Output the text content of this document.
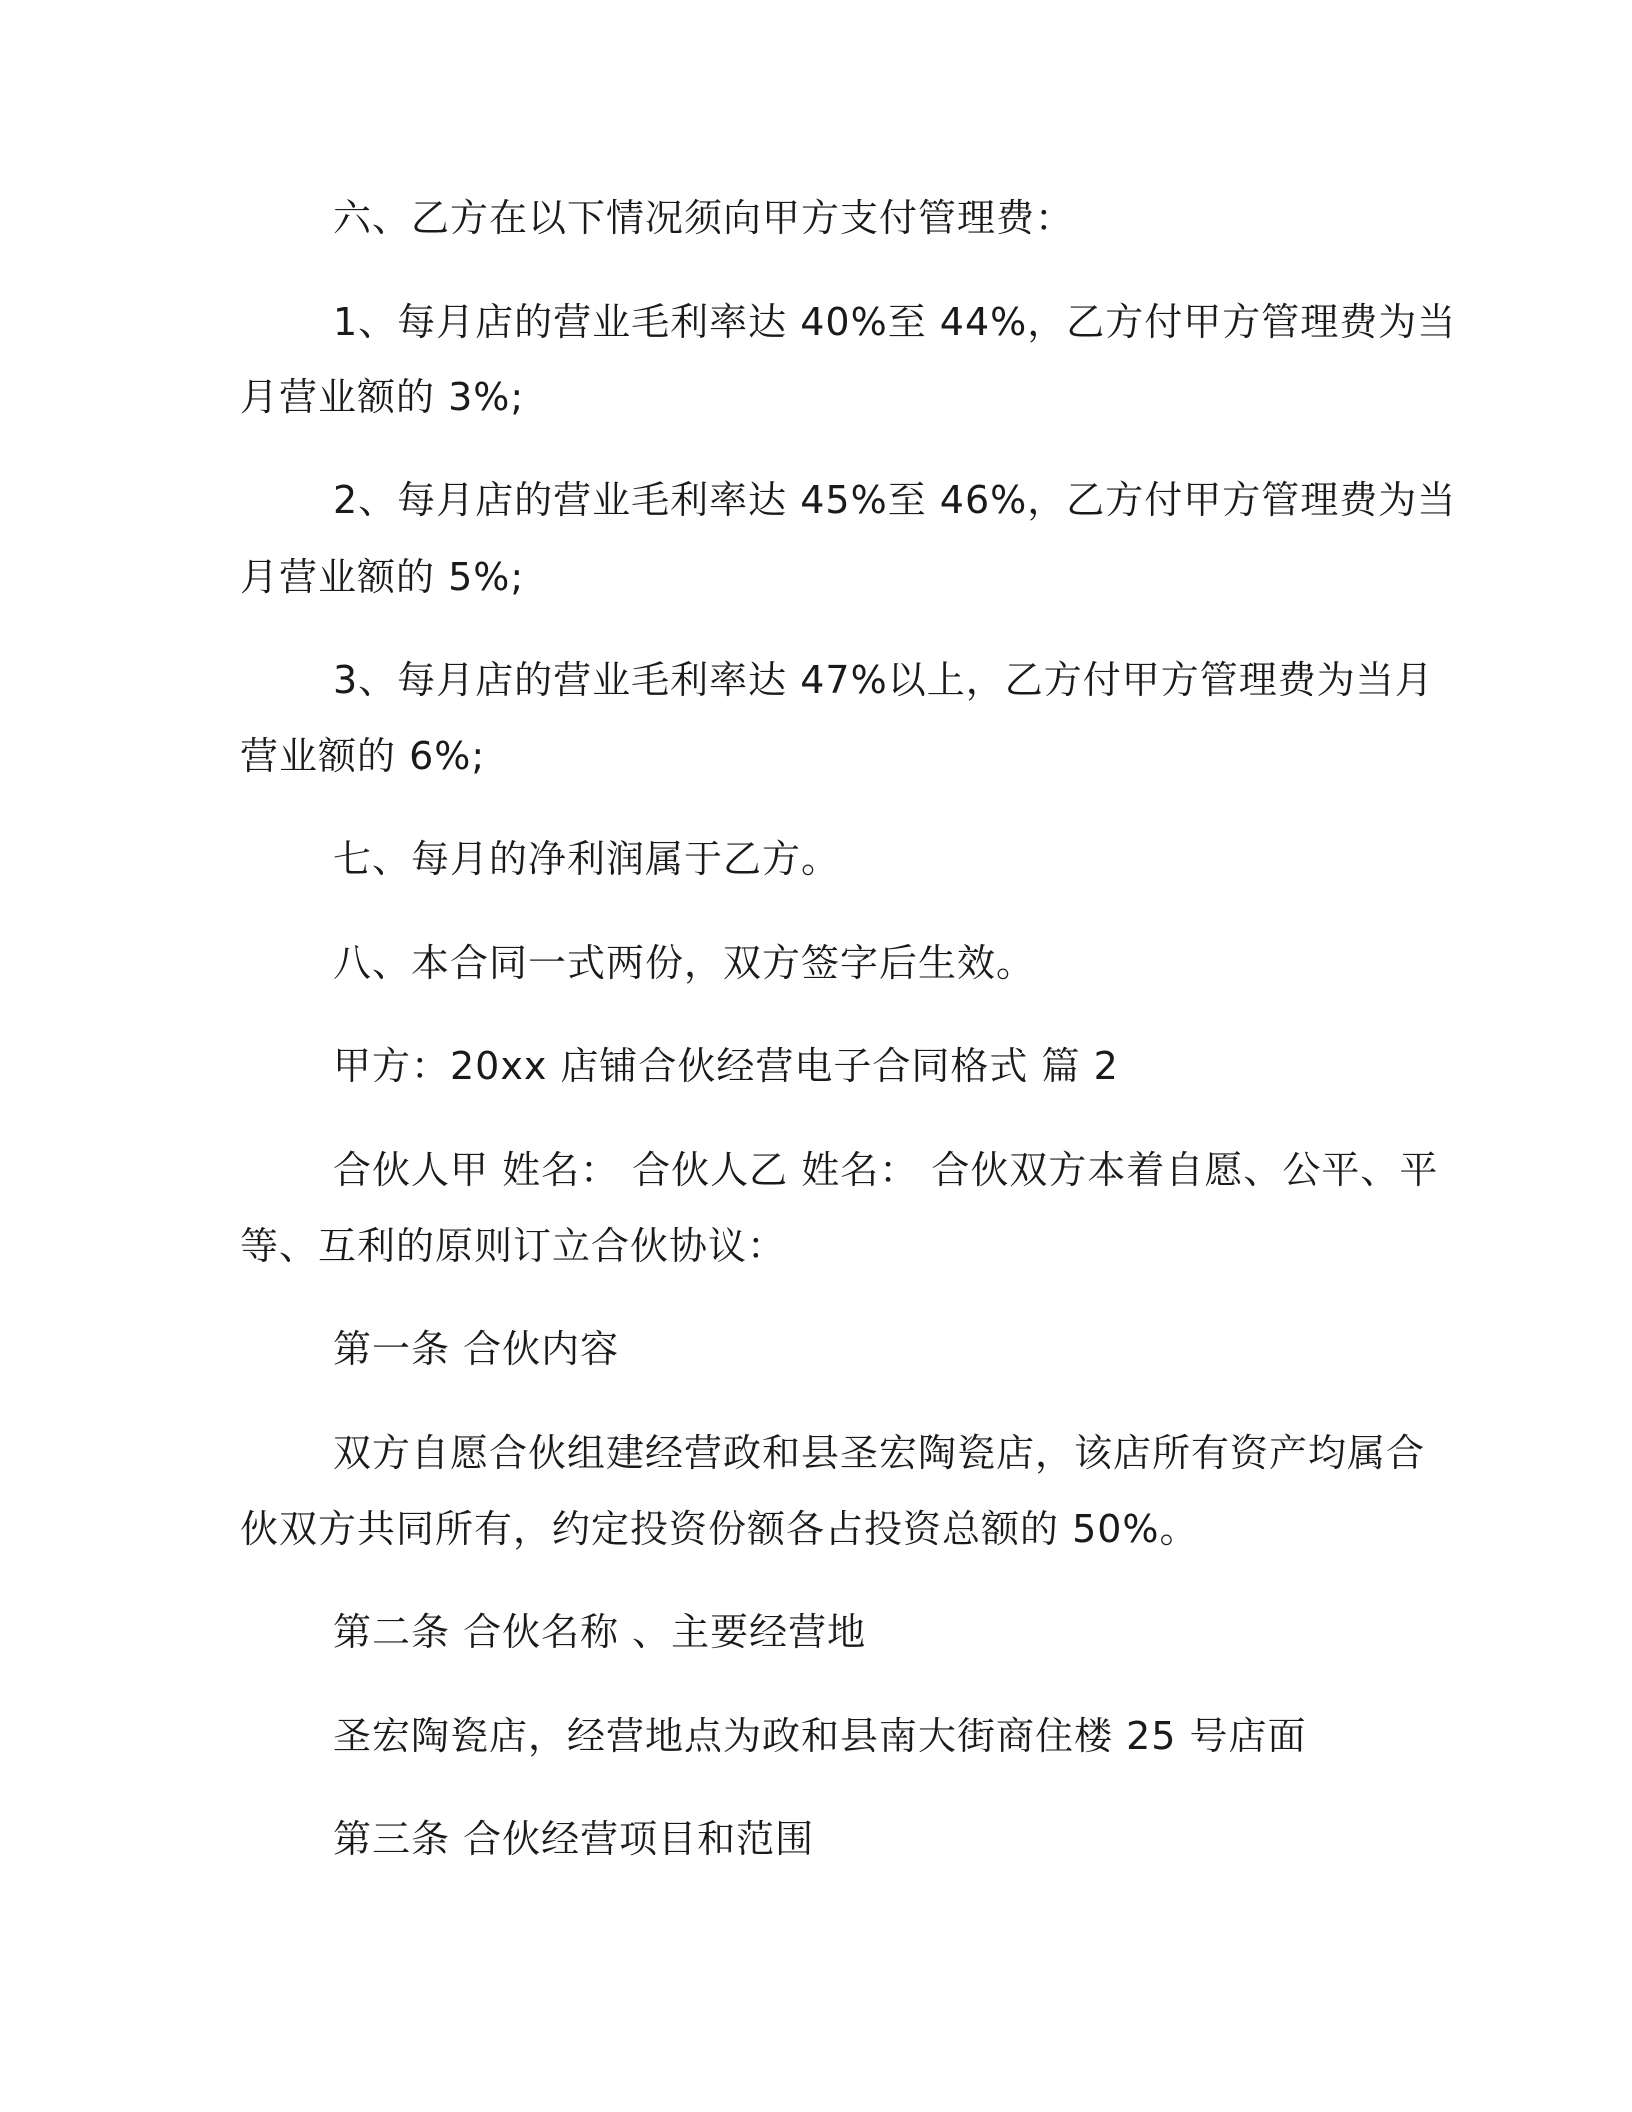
六、乙方在以下情况须向甲方支付管理费：
1、每月店的营业毛利率达 40%至 44%，乙方付甲方管理费为当
月营业额的 3%;
2、每月店的营业毛利率达 45%至 46%，乙方付甲方管理费为当
月营业额的 5%;
3、每月店的营业毛利率达 47%以上，乙方付甲方管理费为当月
营业额的 6%;
七、每月的净利润属于乙方。
八、本合同一式两份，双方签字后生效。
甲方：20xx 店铺合伙经营电子合同格式 篇 2
合伙人甲 姓名： 合伙人乙 姓名： 合伙双方本着自愿、公平、平
等、互利的原则订立合伙协议：
第一条 合伙内容
双方自愿合伙组建经营政和县圣宏陶瓷店，该店所有资产均属合
伙双方共同所有，约定投资份额各占投资总额的 50%。
第二条 合伙名称 、主要经营地
圣宏陶瓷店，经营地点为政和县南大街商住楼 25 号店面
第三条 合伙经营项目和范围
